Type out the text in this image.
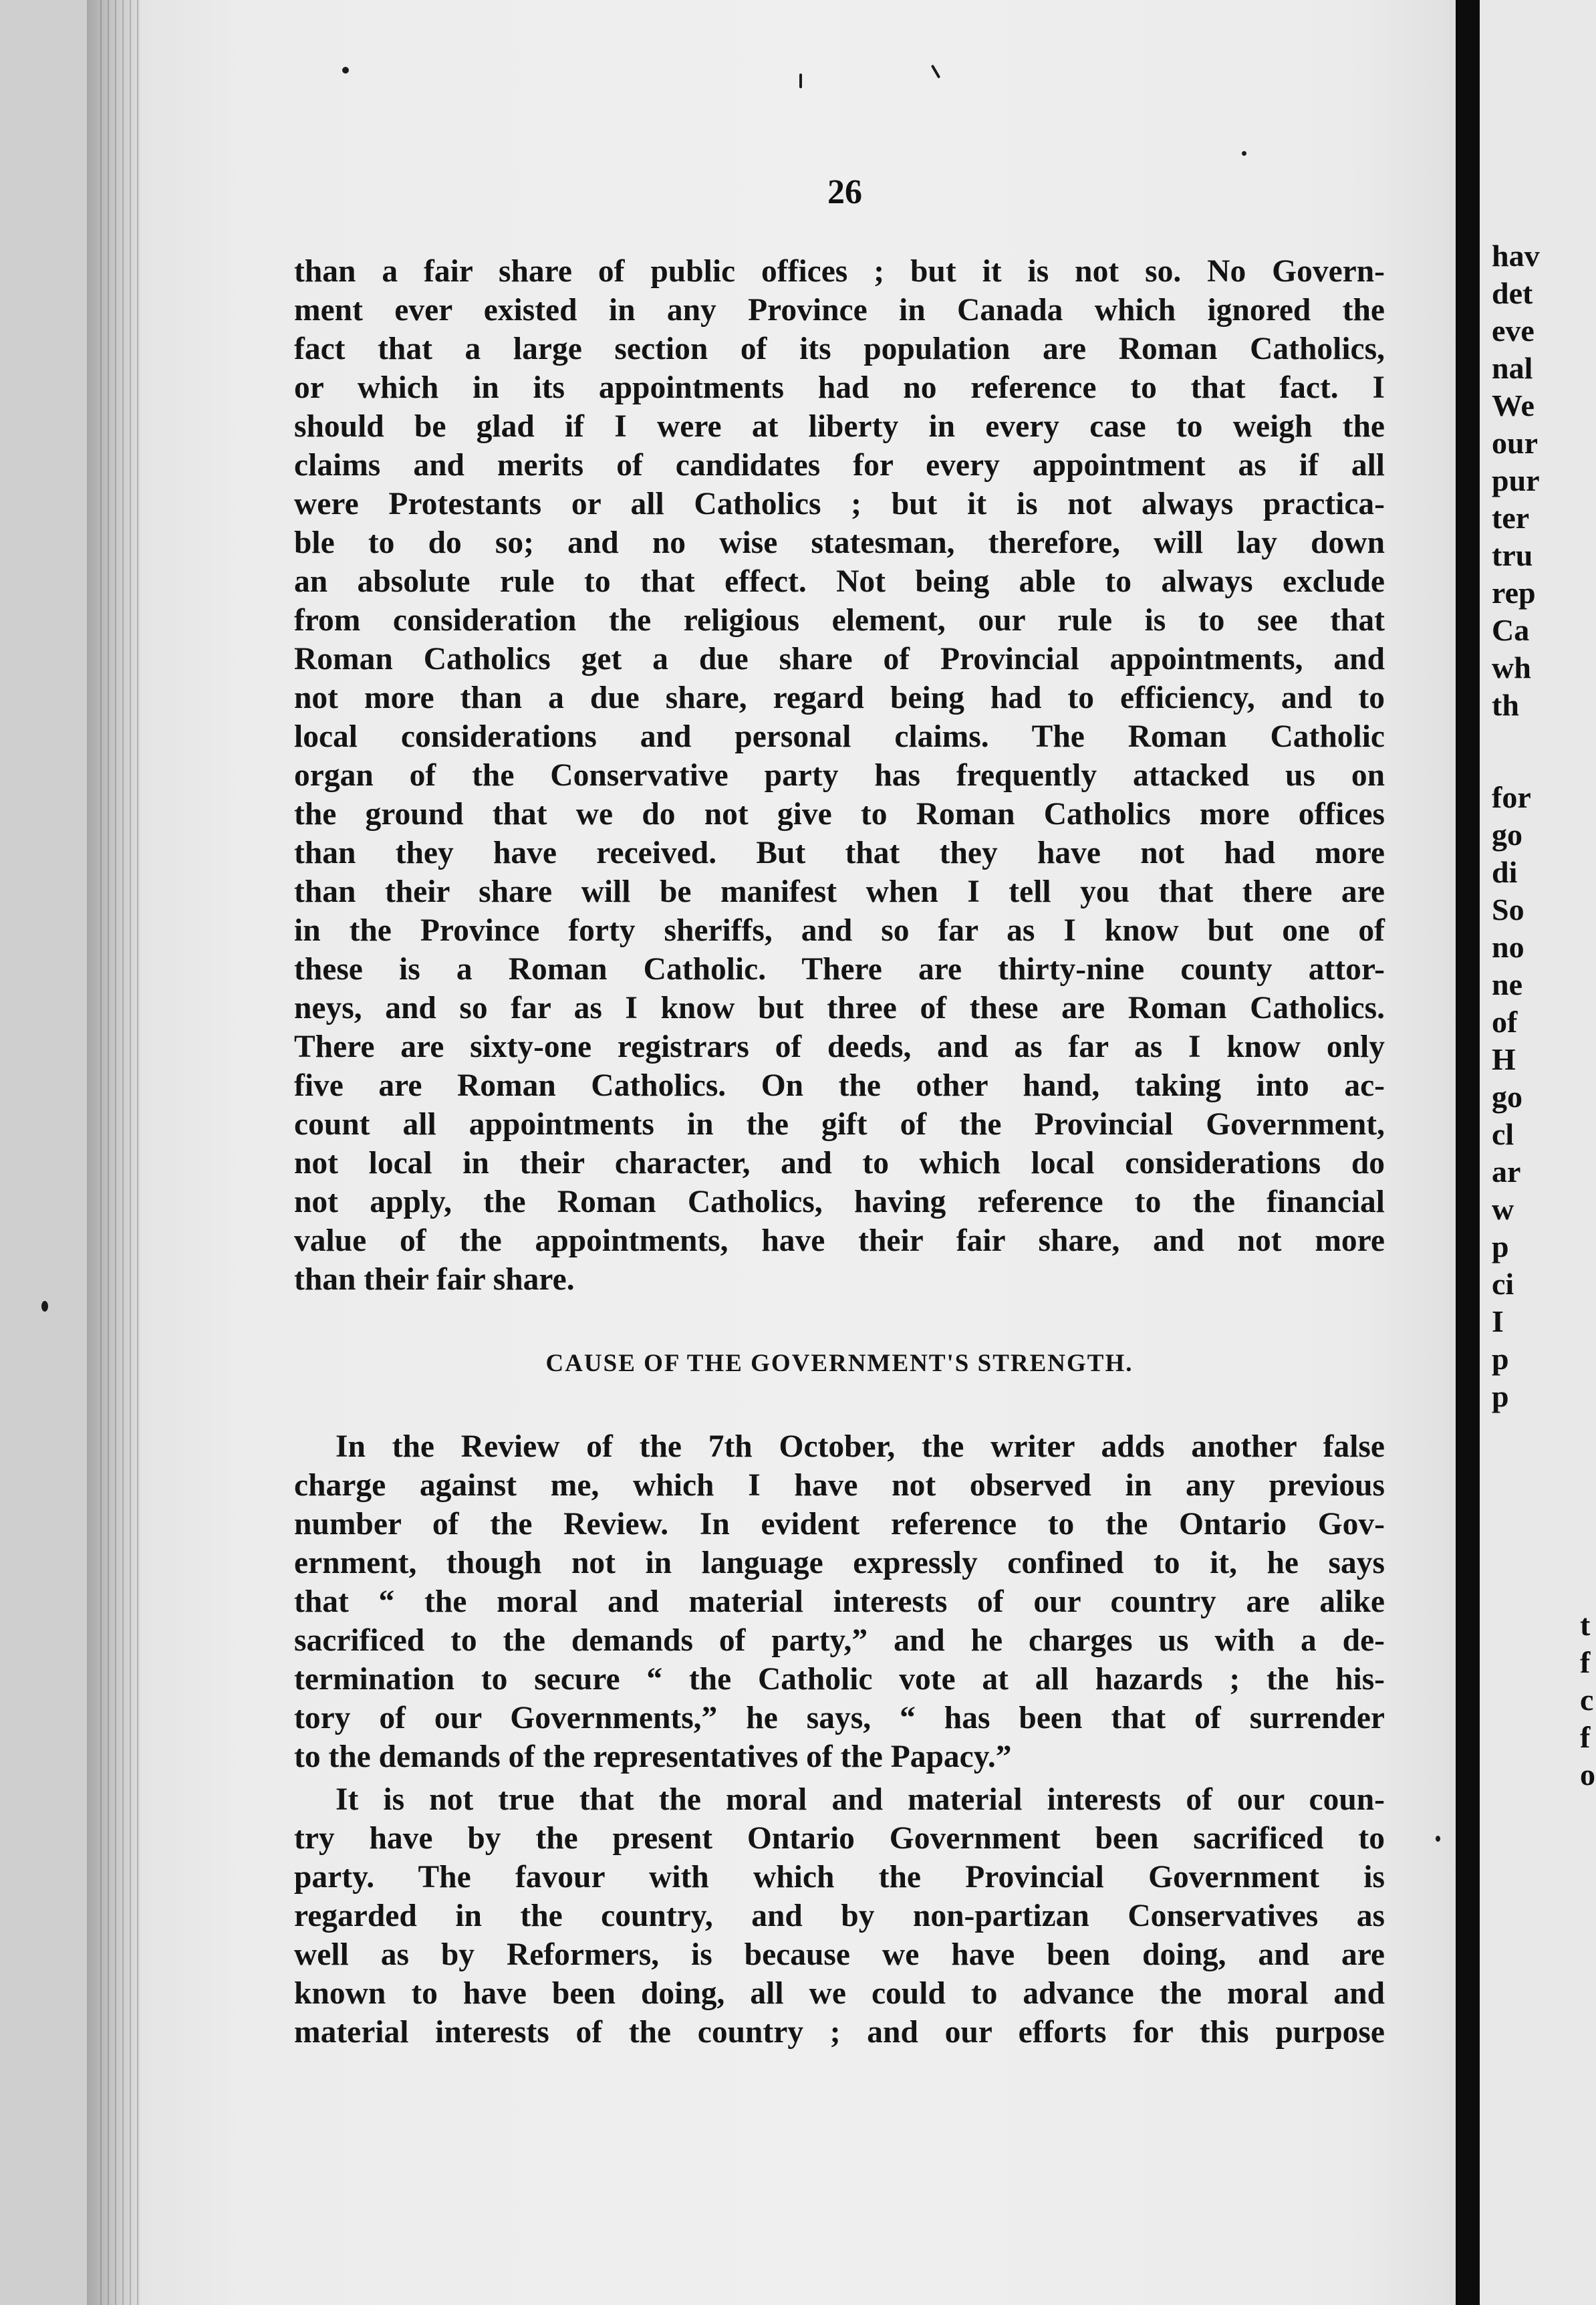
26

than a fair share of public offices ; but it is not so. No Govern-

ment ever existed in any Province in Canada which ignored the

fact that a large section of its population are Roman Catholics,

or which in its appointments had no reference to that fact. I

should be glad if I were at liberty in every case to weigh the

claims and merits of candidates for every appointment as if all

were Protestants or all Catholics ; but it is not always practica-

ble to do so; and no wise statesman, therefore, will lay down

an absolute rule to that effect. Not being able to always exclude

from consideration the religious element, our rule is to see that

Roman Catholics get a due share of Provincial appointments, and

not more than a due share, regard being had to efficiency, and to

local considerations and personal claims. The Roman Catholic

organ of the Conservative party has frequently attacked us on

the ground that we do not give to Roman Catholics more offices

than they have received. But that they have not had more

than their share will be manifest when I tell you that there are

in the Province forty sheriffs, and so far as I know but one of

these is a Roman Catholic. There are thirty-nine county attor-

neys, and so far as I know but three of these are Roman Catholics.

There are sixty-one registrars of deeds, and as far as I know only

five are Roman Catholics. On the other hand, taking into ac-

count all appointments in the gift of the Provincial Government,

not local in their character, and to which local considerations do

not apply, the Roman Catholics, having reference to the financial

value of the appointments, have their fair share, and not more

than their fair share.

CAUSE OF THE GOVERNMENT'S STRENGTH.

In the Review of the 7th October, the writer adds another false

charge against me, which I have not observed in any previous

number of the Review. In evident reference to the Ontario Gov-

ernment, though not in language expressly confined to it, he says

that “ the moral and material interests of our country are alike

sacrificed to the demands of party,” and he charges us with a de-

termination to secure “ the Catholic vote at all hazards ; the his-

tory of our Governments,” he says, “ has been that of surrender

to the demands of the representatives of the Papacy.”

It is not true that the moral and material interests of our coun-

try have by the present Ontario Government been sacrificed to

party. The favour with which the Provincial Government is

regarded in the country, and by non-partizan Conservatives as

well as by Reformers, is because we have been doing, and are

known to have been doing, all we could to advance the moral and

material interests of the country ; and our efforts for this purpose

hav
det
eve
nal
We
our
pur
ter
tru
rep
Ca
wh
th
for
go
di
So
no
ne
of
H
go
cl
ar
w
p
ci
I
p
p
t
f
c
f
o
